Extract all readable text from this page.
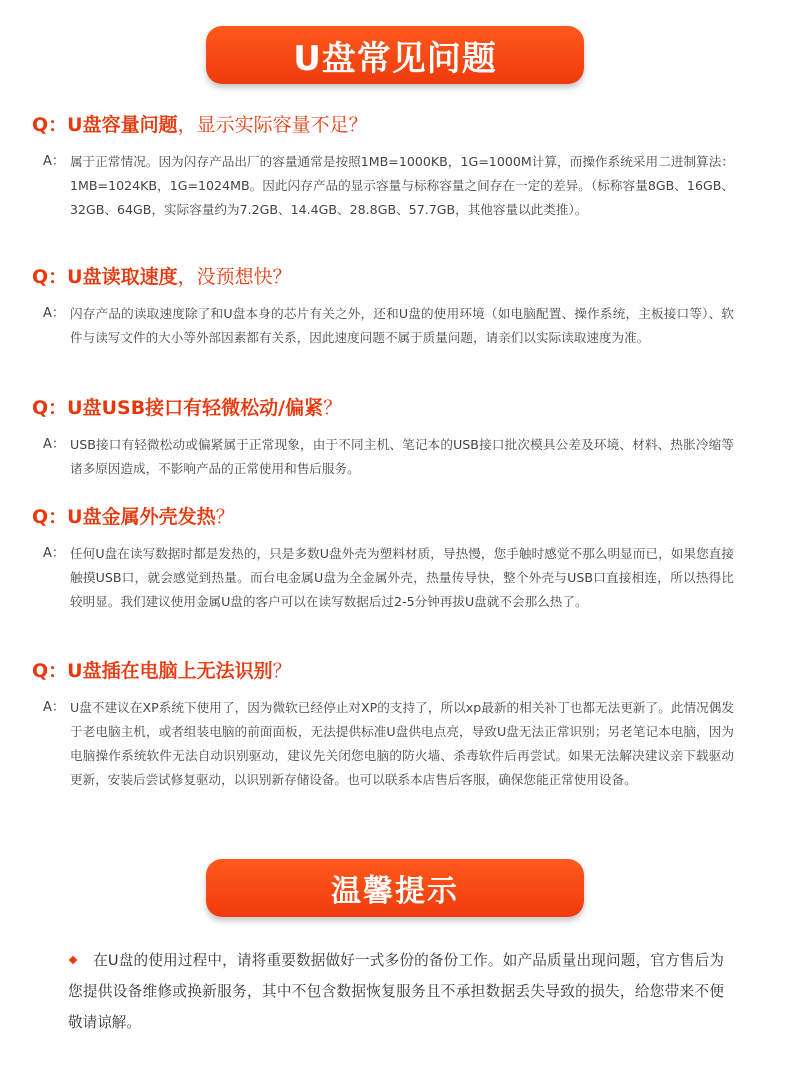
U盘常见问题
Q：U盘容量问题，显示实际容量不足？
A： 属于正常情况。因为闪存产品出厂的容量通常是按照1MB=1000KB，1G=1000M计算，而操作系统采用二进制算法：1MB=1024KB，1G=1024MB。因此闪存产品的显示容量与标称容量之间存在一定的差异。（标称容量8GB、16GB、32GB、64GB，实际容量约为7.2GB、14.4GB、28.8GB、57.7GB，其他容量以此类推）。
Q：U盘读取速度，没预想快？
A： 闪存产品的读取速度除了和U盘本身的芯片有关之外，还和U盘的使用环境（如电脑配置、操作系统，主板接口等）、软件与读写文件的大小等外部因素都有关系，因此速度问题不属于质量问题，请亲们以实际读取速度为准。
Q：U盘USB接口有轻微松动/偏紧？
A： USB接口有轻微松动或偏紧属于正常现象，由于不同主机、笔记本的USB接口批次模具公差及环境、材料、热胀冷缩等诸多原因造成，不影响产品的正常使用和售后服务。
Q：U盘金属外壳发热？
A： 任何U盘在读写数据时都是发热的，只是多数U盘外壳为塑料材质，导热慢，您手触时感觉不那么明显而已，如果您直接触摸USB口，就会感觉到热量。而台电金属U盘为全金属外壳，热量传导快，整个外壳与USB口直接相连，所以热得比较明显。我们建议使用金属U盘的客户可以在读写数据后过2-5分钟再拔U盘就不会那么热了。
Q：U盘插在电脑上无法识别？
A： U盘不建议在XP系统下使用了，因为微软已经停止对XP的支持了，所以xp最新的相关补丁也都无法更新了。此情况偶发于老电脑主机，或者组装电脑的前面面板，无法提供标准U盘供电点亮，导致U盘无法正常识别；另老笔记本电脑，因为电脑操作系统软件无法自动识别驱动，建议先关闭您电脑的防火墙、杀毒软件后再尝试。如果无法解决建议亲下载驱动更新，安装后尝试修复驱动，以识别新存储设备。也可以联系本店售后客服，确保您能正常使用设备。
温馨提示
在U盘的使用过程中，请将重要数据做好一式多份的备份工作。如产品质量出现问题，官方售后为您提供设备维修或换新服务，其中不包含数据恢复服务且不承担数据丢失导致的损失，给您带来不便敬请谅解。
